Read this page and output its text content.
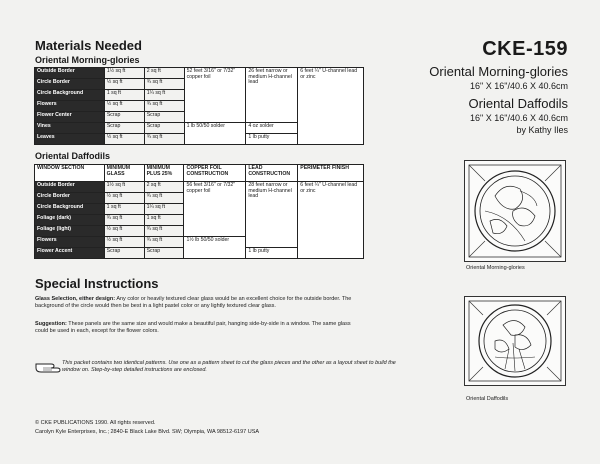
Materials Needed
Oriental Morning-glories
Outside Border	1½ sq ft	2 sq ft	52 feet 3/16" or 7/32" copper foil	26 feet narrow or medium H-channel lead	6 feet ¼" U-channel lead or zinc
Circle Border	½ sq ft	¾ sq ft			
Circle Background	1 sq ft	1¼ sq ft			
Flowers	½ sq ft	¾ sq ft			
Flower Center	Scrap	Scrap			
Vines	Scrap	Scrap	1 lb 50/50 solder	4 oz solder	
Leaves	½ sq ft	¾ sq ft		1 lb putty	
Oriental Daffodils
WINDOW SECTION	MINIMUM GLASS	MINIMUM PLUS 25%	COPPER FOIL CONSTRUCTION	LEAD CONSTRUCTION	PERIMETER FINISH
Outside Border	1½ sq ft	2 sq ft	56 feet 3/16" or 7/32" copper foil	28 feet narrow or medium H-channel lead	6 feet ¼" U-channel lead or zinc
Circle Border	½ sq ft	¾ sq ft			
Circle Background	1 sq ft	1¼ sq ft			
Foliage (dark)	¾ sq ft	1 sq ft			
Foliage (light)	½ sq ft	¾ sq ft			
Flowers	½ sq ft	¾ sq ft	1½ lb 50/50 solder		
Flower Accent	Scrap	Scrap		1 lb putty	
CKE-159
Oriental Morning-glories
16" X 16"/40.6 X 40.6cm
Oriental Daffodils
16" X 16"/40.6 X 40.6cm
by Kathy Iles
Oriental Morning-glories
Oriental Daffodils
Special Instructions
Glass Selection, either design: Any color or heavily textured clear glass would be an excellent choice for the outside border. The background of the circle would then be best in a light pastel color or any lightly textured clear glass.
Suggestion: These panels are the same size and would make a beautiful pair, hanging side-by-side in a window. The same glass could be used in each, except for the flower colors.
This packet contains two identical patterns. Use one as a pattern sheet to cut the glass pieces and the other as a layout sheet to build the window on. Step-by-step detailed instructions are enclosed.
© CKE PUBLICATIONS 1990. All rights reserved.
Carolyn Kyle Enterprises, Inc.; 2840-E Black Lake Blvd. SW; Olympia, WA 98512-6197 USA
